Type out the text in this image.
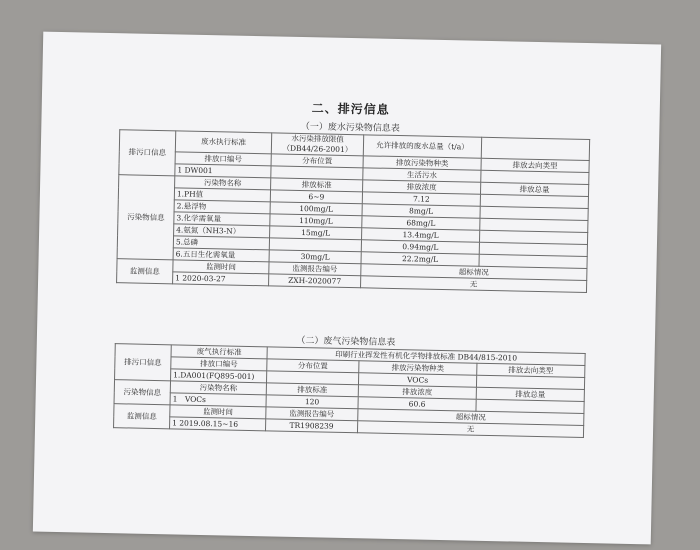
二、排污信息
（一）废水污染物信息表
排污口信息	废水执行标准	水污染排放限值
（DB44/26-2001）	允许排放的废水总量（t/a）	
	排放口编号	分布位置	排放污染物种类	排放去向类型
	1 DW001		生活污水	
污染物信息	污染物名称	排放标准	排放浓度	排放总量
	1.PH值	6~9	7.12	
	2.悬浮物	100mg/L	8mg/L	
	3.化学需氧量	110mg/L	68mg/L	
	4.氨氮（NH3-N）	15mg/L	13.4mg/L	
	5.总磷		0.94mg/L	
	6.五日生化需氧量	30mg/L	22.2mg/L	
监测信息	监测时间	监测报告编号	超标情况	
	1 2020-03-27	ZXH-2020077	无	
（二）废气污染物信息表
排污口信息	废气执行标准	印刷行业挥发性有机化学物排放标准 DB44/815-2010		
	排放口编号	分布位置	排放污染物种类	排放去向类型
	1.DA001(FQ895-001)		VOCs	
污染物信息	污染物名称	排放标准	排放浓度	排放总量
	1　VOCs	120	60.6	
监测信息	监测时间	监测报告编号	超标情况	
	1 2019.08.15~16	TR1908239	无	
